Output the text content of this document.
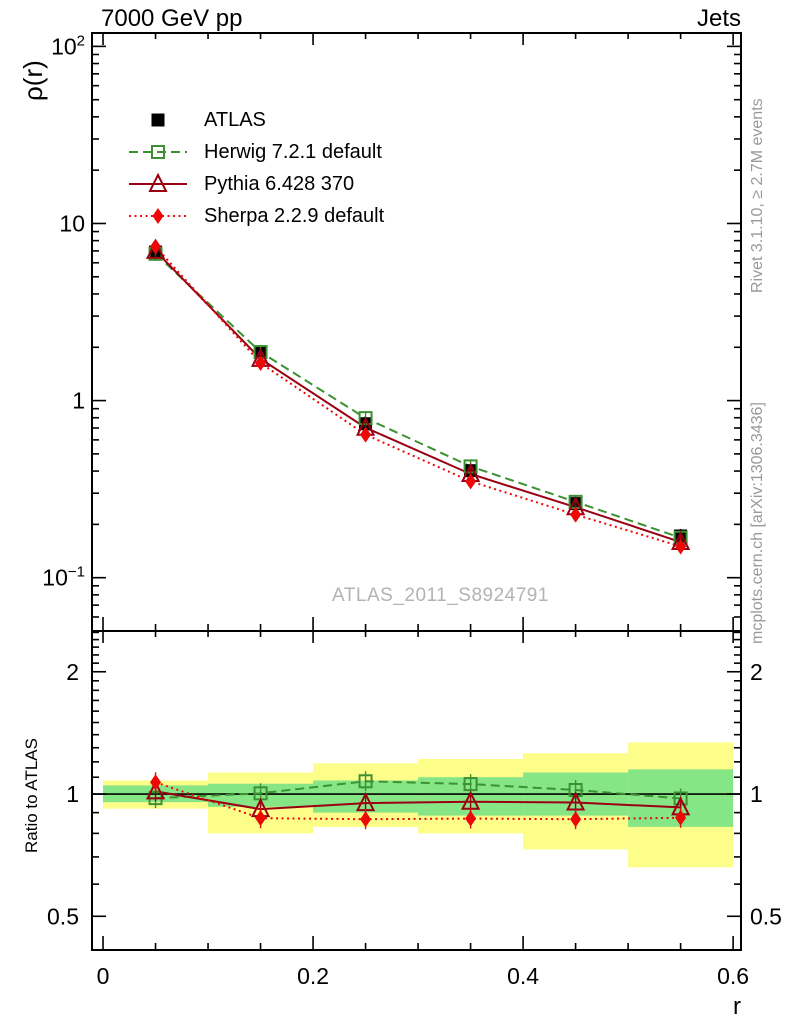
0	0.2	0.4	0.6
$10^2$
10
1
$10^{-1}$
2	2
1	1
0.5	0.5
7000 GeV pp	Jets
ρ(r)
Ratio to ATLAS
r
Rivet 3.1.10, ≥ 2.7M events
mcplots.cern.ch [arXiv:1306.3436]
ATLAS_2011_S8924791
ATLAS
Herwig 7.2.1 default
Pythia 6.428 370
Sherpa 2.2.9 default
